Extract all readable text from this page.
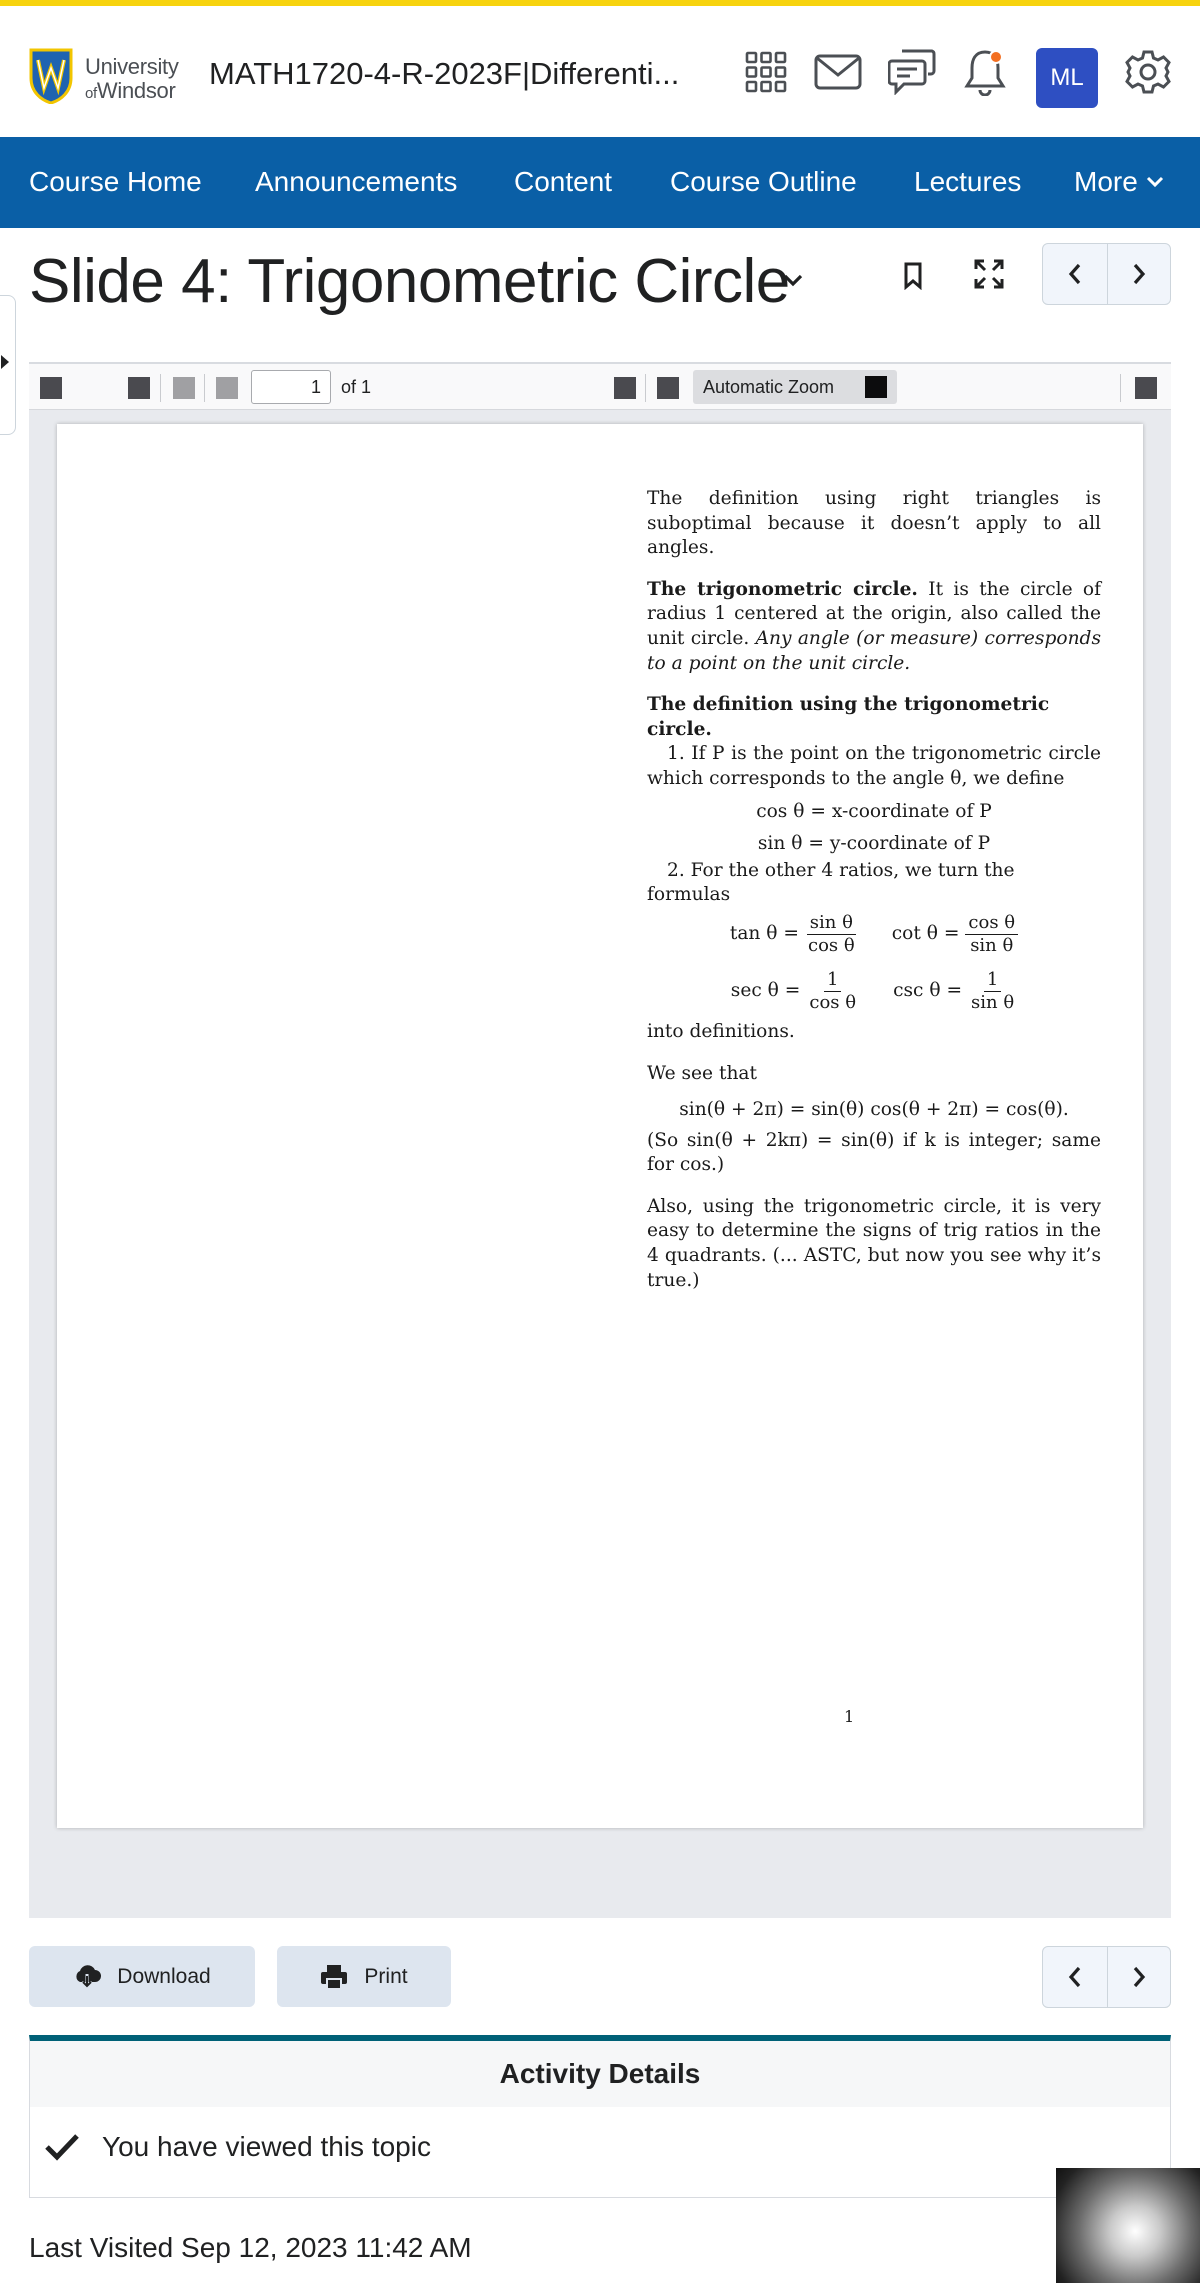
University
ofWindsor MATH1720-4-R-2023F|Differenti...	ML
Course Home Announcements Content Course Outline Lectures More
Slide 4: Trigonometric Circle
1
of 1	Automatic Zoom

The definition using right triangles is suboptimal because it doesn’t apply to all angles.

The trigonometric circle. It is the circle of radius 1 centered at the origin, also called the unit circle. Any angle (or measure) corresponds to a point on the unit circle.

The definition using the trigonometric circle.
1. If P is the point on the trigonometric circle which corresponds to the angle θ, we define
cos θ = x-coordinate of P
sin θ = y-coordinate of P
2. For the other 4 ratios, we turn the formulas
$\tan \theta = \frac{\text{sin θ}}{\text{cos θ}}$ $\cot \theta = \frac{\text{cos θ}}{\text{sin θ}}$
$\sec \theta = \frac{1}{\text{cos θ}}$ $\csc \theta = \frac{1}{\text{sin θ}}$
into definitions.
We see that
sin(θ + 2π) = sin(θ) cos(θ + 2π) = cos(θ).

(So sin(θ + 2kπ) = sin(θ) if k is integer; same for cos.)

Also, using the trigonometric circle, it is very easy to determine the signs of trig ratios in the 4 quadrants. (... ASTC, but now you see why it’s true.)

1
Download	Print
Activity Details
You have viewed this topic
Last Visited Sep 12, 2023 11:42 AM
